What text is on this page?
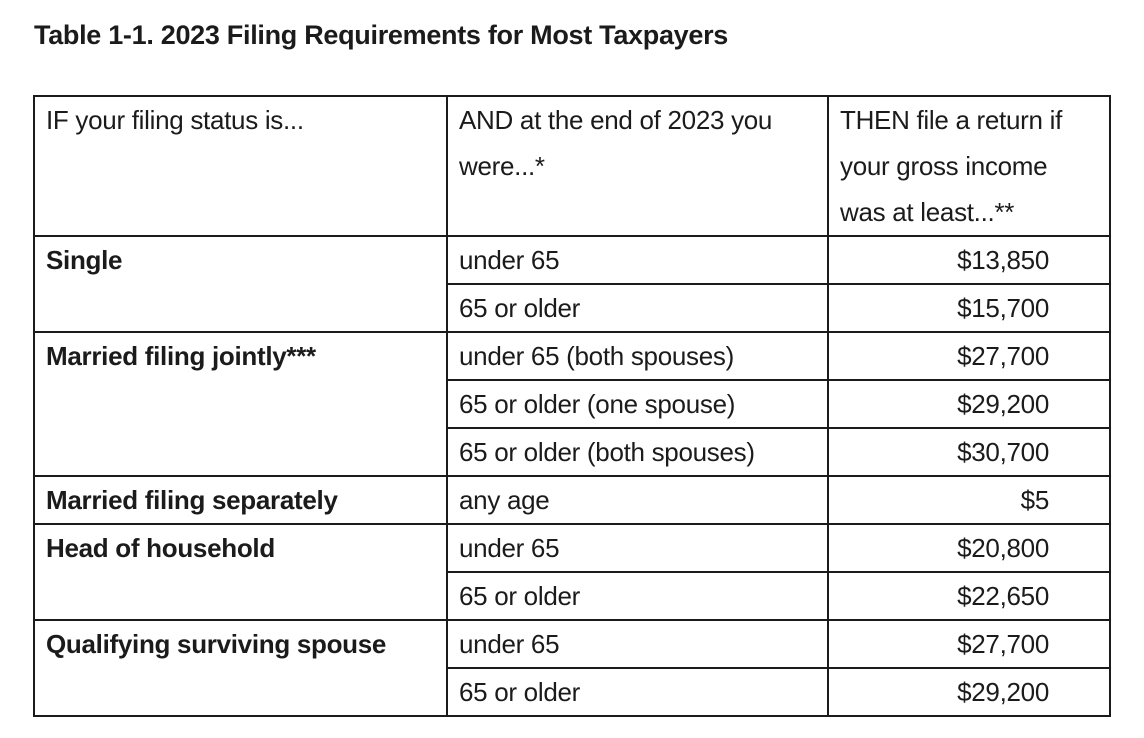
Table 1-1. 2023 Filing Requirements for Most Taxpayers
IF your filing status is...	AND at the end of 2023 you were...*	THEN file a return if your gross income was at least...**
Single	under 65	$13,850
	65 or older	$15,700
Married filing jointly***	under 65 (both spouses)	$27,700
	65 or older (one spouse)	$29,200
	65 or older (both spouses)	$30,700
Married filing separately	any age	$5
Head of household	under 65	$20,800
	65 or older	$22,650
Qualifying surviving spouse	under 65	$27,700
	65 or older	$29,200
